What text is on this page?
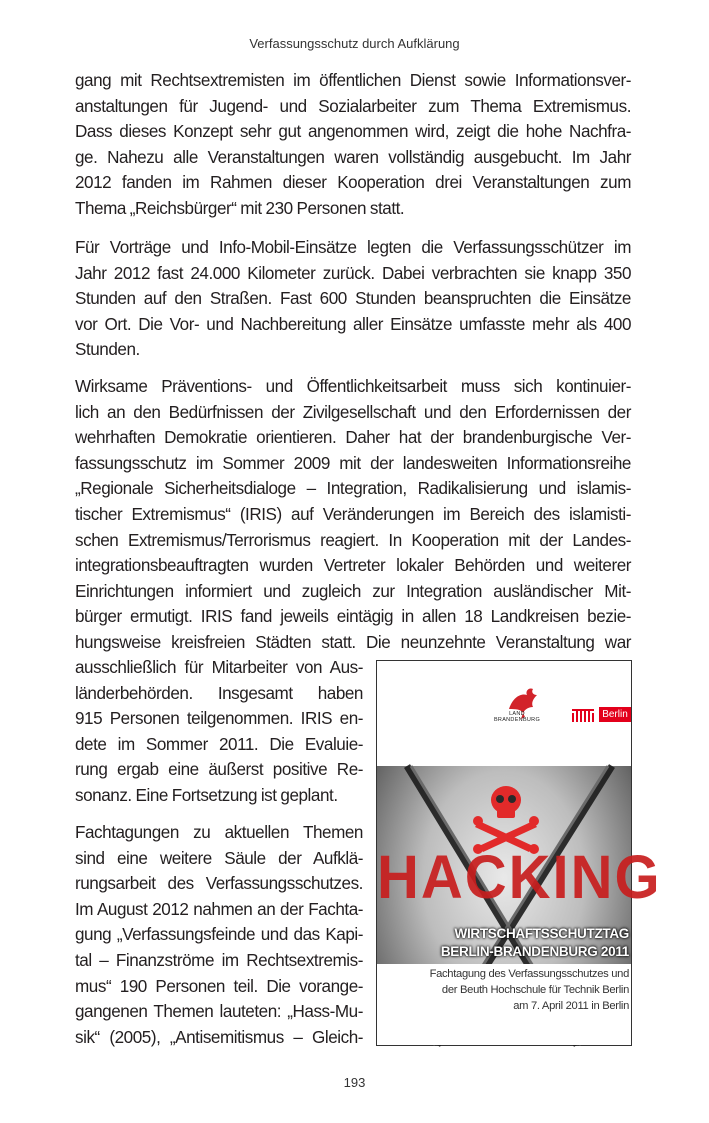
Verfassungsschutz durch Aufklärung
gang mit Rechtsextremisten im öffentlichen Dienst sowie Informationsver-
anstaltungen für Jugend- und Sozialarbeiter zum Thema Extremismus.
Dass dieses Konzept sehr gut angenommen wird, zeigt die hohe Nachfra-
ge. Nahezu alle Veranstaltungen waren vollständig ausgebucht. Im Jahr
2012 fanden im Rahmen dieser Kooperation drei Veranstaltungen zum
Thema „Reichsbürger“ mit 230 Personen statt.
Für Vorträge und Info-Mobil-Einsätze legten die Verfassungsschützer im
Jahr 2012 fast 24.000 Kilometer zurück. Dabei verbrachten sie knapp 350
Stunden auf den Straßen. Fast 600 Stunden beanspruchten die Einsätze
vor Ort. Die Vor- und Nachbereitung aller Einsätze umfasste mehr als 400
Stunden.
Wirksame Präventions- und Öffentlichkeitsarbeit muss sich kontinuier-
lich an den Bedürfnissen der Zivilgesellschaft und den Erfordernissen der
wehrhaften Demokratie orientieren. Daher hat der brandenburgische Ver-
fassungsschutz im Sommer 2009 mit der landesweiten Informationsreihe
„Regionale Sicherheitsdialoge – Integration, Radikalisierung und islamis-
tischer Extremismus“ (IRIS) auf Veränderungen im Bereich des islamisti-
schen Extremismus/Terrorismus reagiert. In Kooperation mit der Landes-
integrationsbeauftragten wurden Vertreter lokaler Behörden und weiterer
Einrichtungen informiert und zugleich zur Integration ausländischer Mit-
bürger ermutigt. IRIS fand jeweils eintägig in allen 18 Landkreisen bezie-
hungsweise kreisfreien Städten statt. Die neunzehnte Veranstaltung war
ausschließlich für Mitarbeiter von Aus-
länderbehörden. Insgesamt haben
915 Personen teilgenommen. IRIS en-
dete im Sommer 2011. Die Evaluie-
rung ergab eine äußerst positive Re-
sonanz. Eine Fortsetzung ist geplant.
Fachtagungen zu aktuellen Themen
sind eine weitere Säule der Aufklä-
rungsarbeit des Verfassungsschutzes.
Im August 2012 nahmen an der Fachta-
gung „Verfassungsfeinde und das Kapi-
tal – Finanzströme im Rechtsextremis-
mus“ 190 Personen teil. Die vorange-
gangenen Themen lauteten: „Hass-Mu-
sik“ (2005), „Antisemitismus – Gleich-
LAND
BRANDENBURG	Berlin
HACKING
WIRTSCHAFTSSCHUTZTAG
BERLIN-BRANDENBURG 2011
Fachtagung des Verfassungsschutzes und
der Beuth Hochschule für Technik Berlin
am 7. April 2011 in Berlin
193
